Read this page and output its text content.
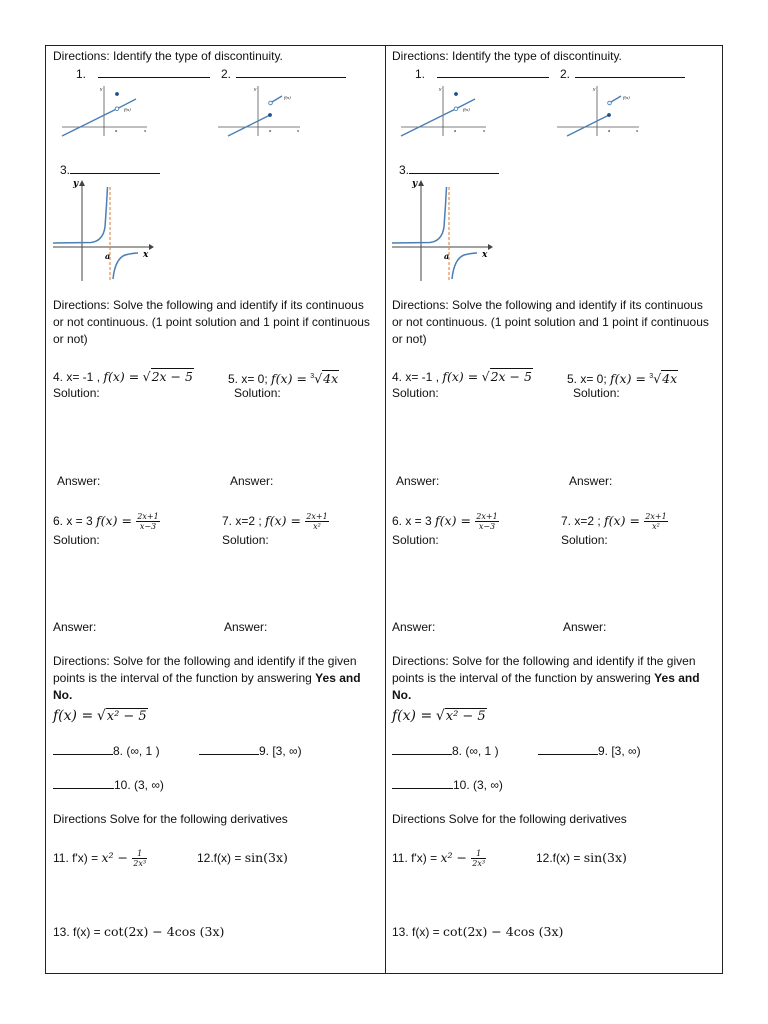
Directions: Identify the type of discontinuity.
1.	2.
y
x
a
f(x)
y
x
a
f(x)
3.
y
x
a
Directions: Solve the following and identify if its continuous or not continuous. (1 point solution and 1 point if continuous or not)
4. x= -1 , f(x) = √2x − 5
Solution:
5. x= 0; f(x) = $^3$√4x
Solution:
Answer:	Answer:
6. x = 3 $f(x) = \frac{2x+1}{x-3}$
Solution:
7. x=2 ; $f(x) = \frac{2x+1}{\text{x²}}$
Solution:
Answer:	Answer:
Directions: Solve for the following and identify if the given points is the interval of the function by answering Yes and No.
f(x) = √x² − 5
8. (∞, 1 )	9. [3, ∞)
10. (3, ∞)
Directions Solve for the following derivatives
11. $f'x) = x^2 - \frac{1}{\text{2x³}}$	12.f(x) = sin(3x)
13. f(x) = cot(2x) − 4cos (3x)
Directions: Identify the type of discontinuity.
1.	2.
y
x
a
f(x)
y
x
a
f(x)
3.
y
x
a
Directions: Solve the following and identify if its continuous or not continuous. (1 point solution and 1 point if continuous or not)
4. x= -1 , f(x) = √2x − 5
Solution:
5. x= 0; f(x) = $^3$√4x
Solution:
Answer:	Answer:
6. x = 3 $f(x) = \frac{2x+1}{x-3}$
Solution:
7. x=2 ; $f(x) = \frac{2x+1}{\text{x²}}$
Solution:
Answer:	Answer:
Directions: Solve for the following and identify if the given points is the interval of the function by answering Yes and No.
f(x) = √x² − 5
8. (∞, 1 )	9. [3, ∞)
10. (3, ∞)
Directions Solve for the following derivatives
11. $f'x) = x^2 - \frac{1}{\text{2x³}}$	12.f(x) = sin(3x)
13. f(x) = cot(2x) − 4cos (3x)
